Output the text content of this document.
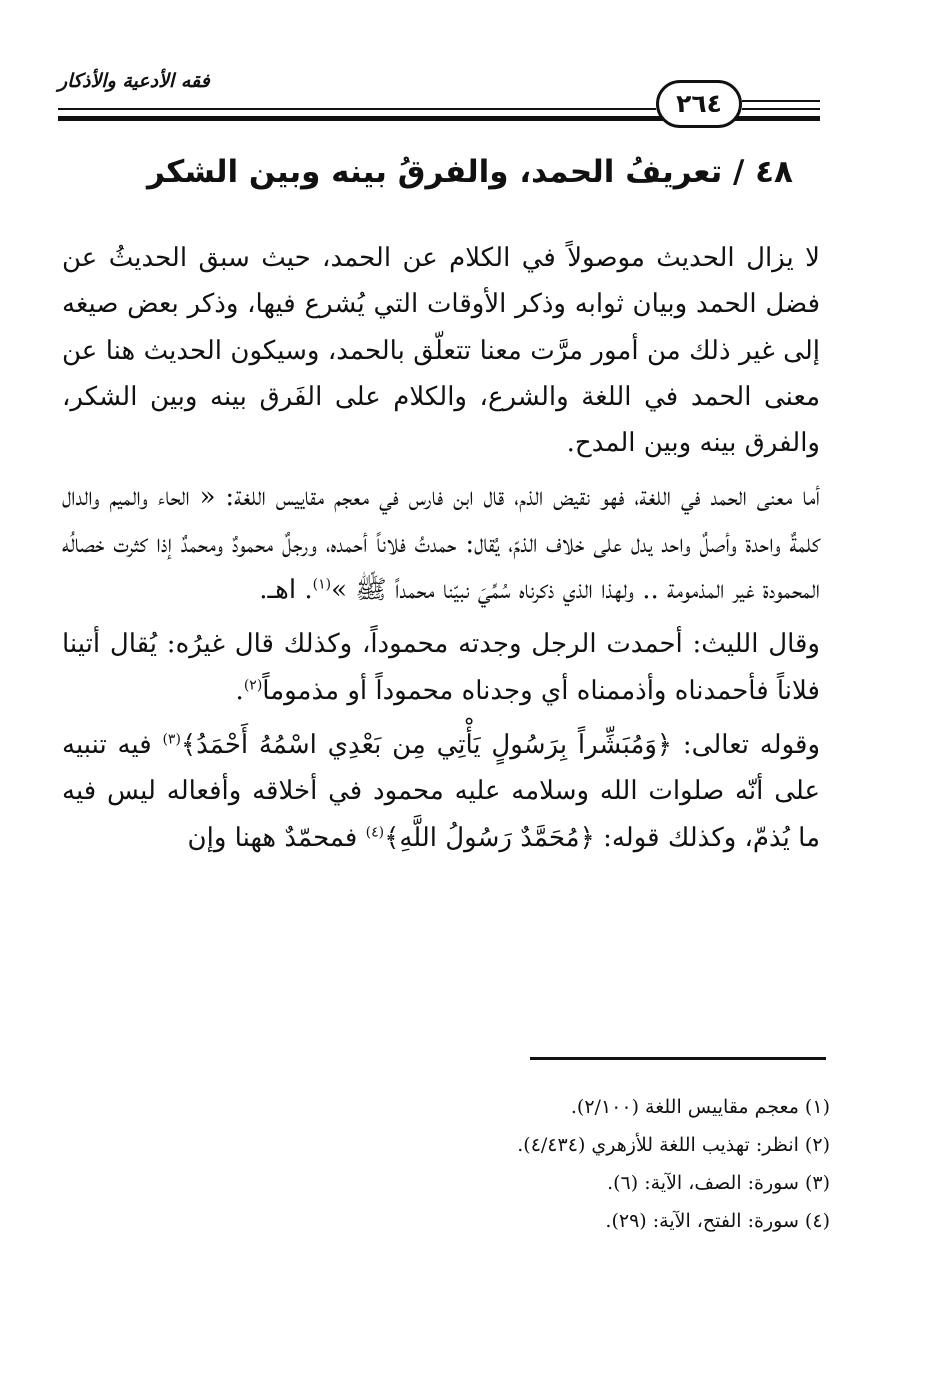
فقه الأدعية والأذكار
٢٦٤
٤٨ / تعريفُ الحمد، والفرقُ بينه وبين الشكر

لا يزال الحديث موصولاً في الكلام عن الحمد، حيث سبق الحديثُ عن فضل الحمد وبيان ثوابه وذكر الأوقات التي يُشرع فيها، وذكر بعض صيغه إلى غير ذلك من أمور مرَّت معنا تتعلّق بالحمد، وسيكون الحديث هنا عن معنى الحمد في اللغة والشرع، والكلام على الفَرق بينه وبين الشكر، والفرق بينه وبين المدح.

أما معنى الحمد في اللغة، فهو نقيض الذم، قال ابن فارس في معجم مقاييس اللغة: « الحاء والميم والدال كلمةٌ واحدة وأصلٌ واحد يدل على خلاف الذمّ، يُقال: حمدتُ فلاناً أحمده، ورجلٌ محمودٌ ومحمدٌ إذا كثرت خصالُه المحمودة غير المذمومة .. ولهذا الذي ذكرناه سُمِّيَ نبيّنا محمداً ﷺ »$^{(١)}$. اهـ.

وقال الليث: أحمدت الرجل وجدته محموداً، وكذلك قال غيرُه: يُقال أتينا فلاناً فأحمدناه وأذممناه أي وجدناه محموداً أو مذموماً$^{(٢)}$.

وقوله تعالى: ﴿وَمُبَشِّراً بِرَسُولٍ يَأْتِي مِن بَعْدِي اسْمُهُ أَحْمَدُ﴾$^{(٣)}$ فيه تنبيه على أنّه صلوات الله وسلامه عليه محمود في أخلاقه وأفعاله ليس فيه ما يُذمّ، وكذلك قوله: ﴿مُحَمَّدٌ رَسُولُ اللَّهِ﴾$^{(٤)}$ فمحمّدٌ ههنا وإن

(١) معجم مقاييس اللغة (٢/١٠٠).
(٢) انظر: تهذيب اللغة للأزهري (٤/٤٣٤).
(٣) سورة: الصف، الآية: (٦).
(٤) سورة: الفتح، الآية: (٢٩).
